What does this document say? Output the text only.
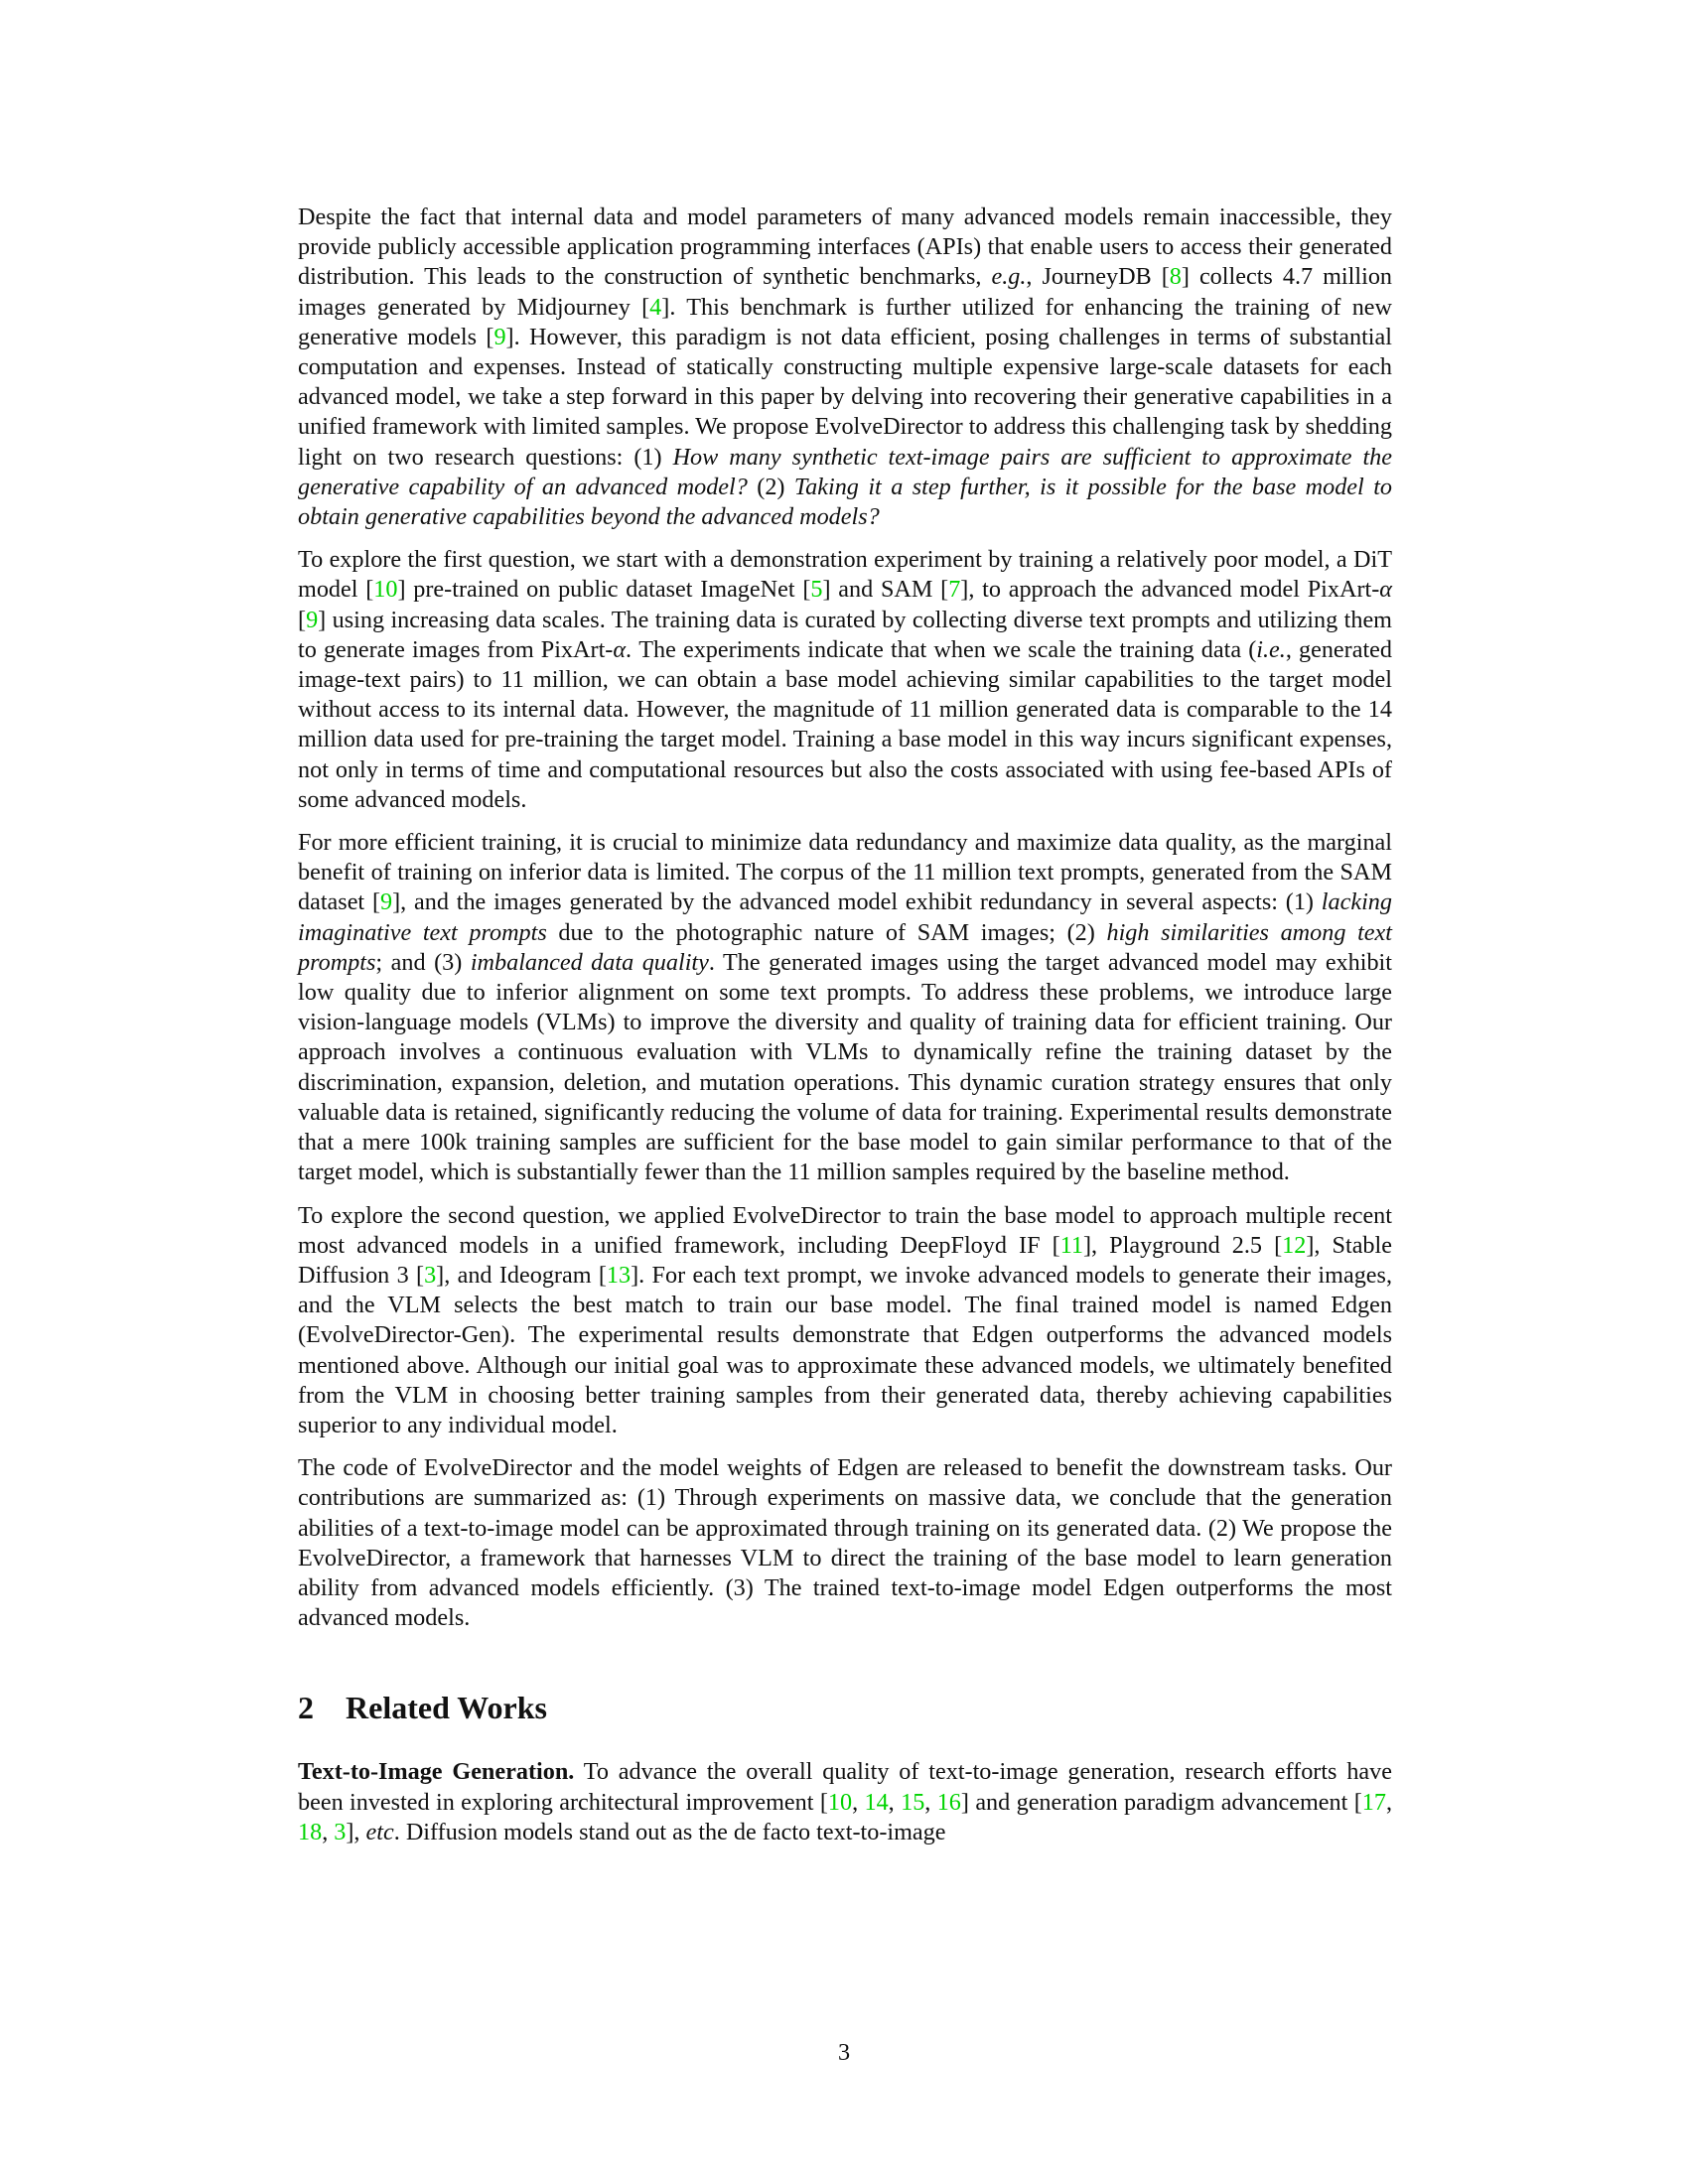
Despite the fact that internal data and model parameters of many advanced models remain inaccessible, they provide publicly accessible application programming interfaces (APIs) that enable users to access their generated distribution. This leads to the construction of synthetic benchmarks, e.g., JourneyDB [8] collects 4.7 million images generated by Midjourney [4]. This benchmark is further utilized for enhancing the training of new generative models [9]. However, this paradigm is not data efficient, posing challenges in terms of substantial computation and expenses. Instead of statically constructing multiple expensive large-scale datasets for each advanced model, we take a step forward in this paper by delving into recovering their generative capabilities in a unified framework with limited samples. We propose EvolveDirector to address this challenging task by shedding light on two research questions: (1) How many synthetic text-image pairs are sufficient to approximate the generative capability of an advanced model? (2) Taking it a step further, is it possible for the base model to obtain generative capabilities beyond the advanced models?

To explore the first question, we start with a demonstration experiment by training a relatively poor model, a DiT model [10] pre-trained on public dataset ImageNet [5] and SAM [7], to approach the advanced model PixArt-α [9] using increasing data scales. The training data is curated by collecting diverse text prompts and utilizing them to generate images from PixArt-α. The experiments indicate that when we scale the training data (i.e., generated image-text pairs) to 11 million, we can obtain a base model achieving similar capabilities to the target model without access to its internal data. However, the magnitude of 11 million generated data is comparable to the 14 million data used for pre-training the target model. Training a base model in this way incurs significant expenses, not only in terms of time and computational resources but also the costs associated with using fee-based APIs of some advanced models.

For more efficient training, it is crucial to minimize data redundancy and maximize data quality, as the marginal benefit of training on inferior data is limited. The corpus of the 11 million text prompts, generated from the SAM dataset [9], and the images generated by the advanced model exhibit redundancy in several aspects: (1) lacking imaginative text prompts due to the photographic nature of SAM images; (2) high similarities among text prompts; and (3) imbalanced data quality. The generated images using the target advanced model may exhibit low quality due to inferior alignment on some text prompts. To address these problems, we introduce large vision-language models (VLMs) to improve the diversity and quality of training data for efficient training. Our approach involves a continuous evaluation with VLMs to dynamically refine the training dataset by the discrimination, expansion, deletion, and mutation operations. This dynamic curation strategy ensures that only valuable data is retained, significantly reducing the volume of data for training. Experimental results demonstrate that a mere 100k training samples are sufficient for the base model to gain similar performance to that of the target model, which is substantially fewer than the 11 million samples required by the baseline method.

To explore the second question, we applied EvolveDirector to train the base model to approach multiple recent most advanced models in a unified framework, including DeepFloyd IF [11], Playground 2.5 [12], Stable Diffusion 3 [3], and Ideogram [13]. For each text prompt, we invoke advanced models to generate their images, and the VLM selects the best match to train our base model. The final trained model is named Edgen (EvolveDirector-Gen). The experimental results demonstrate that Edgen outperforms the advanced models mentioned above. Although our initial goal was to approximate these advanced models, we ultimately benefited from the VLM in choosing better training samples from their generated data, thereby achieving capabilities superior to any individual model.

The code of EvolveDirector and the model weights of Edgen are released to benefit the downstream tasks. Our contributions are summarized as: (1) Through experiments on massive data, we conclude that the generation abilities of a text-to-image model can be approximated through training on its generated data. (2) We propose the EvolveDirector, a framework that harnesses VLM to direct the training of the base model to learn generation ability from advanced models efficiently. (3) The trained text-to-image model Edgen outperforms the most advanced models.

2 Related Works

Text-to-Image Generation. To advance the overall quality of text-to-image generation, research efforts have been invested in exploring architectural improvement [10, 14, 15, 16] and generation paradigm advancement [17, 18, 3], etc. Diffusion models stand out as the de facto text-to-image

3
